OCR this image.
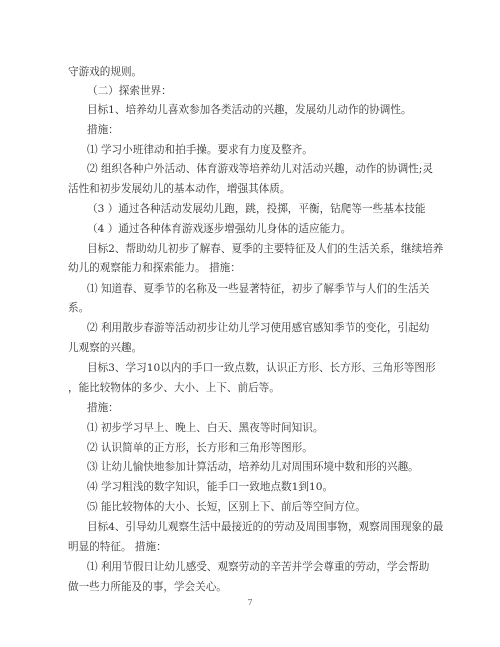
守游戏的规则。
（二）探索世界：
目标1、培养幼儿喜欢参加各类活动的兴趣，发展幼儿动作的协调性。
措施：
⑴ 学习小班律动和拍手操。要求有力度及整齐。
⑵ 组织各种户外活动、体育游戏等培养幼儿对活动兴趣，动作的协调性;灵
活性和初步发展幼儿的基本动作，增强其体质。
（3 ）通过各种活动发展幼儿跑，跳，投掷，平衡，钻爬等一些基本技能
（4 ）通过各种体育游戏逐步增强幼儿身体的适应能力。
目标2、帮助幼儿初步了解春、夏季的主要特征及人们的生活关系，继续培养
幼儿的观察能力和探索能力。 措施：
⑴ 知道春、夏季节的名称及一些显著特征，初步了解季节与人们的生活关
系。
⑵ 利用散步春游等活动初步让幼儿学习使用感官感知季节的变化，引起幼
儿观察的兴趣。
目标3、学习10以内的手口一致点数，认识正方形、长方形、三角形等图形
，能比较物体的多少、大小、上下、前后等。
措施：
⑴ 初步学习早上、晚上、白天、黑夜等时间知识。
⑵ 认识简单的正方形，长方形和三角形等图形。
⑶ 让幼儿愉快地参加计算活动，培养幼儿对周围环境中数和形的兴趣。
⑷ 学习粗浅的数字知识，能手口一致地点数1到10。
⑸ 能比较物体的大小、长短，区别上下、前后等空间方位。
目标4、引导幼儿观察生活中最接近的的劳动及周围事物，观察周围现象的最
明显的特征。 措施：
⑴ 利用节假日让幼儿感受、观察劳动的辛苦并学会尊重的劳动，学会帮助
做一些力所能及的事，学会关心。
7
